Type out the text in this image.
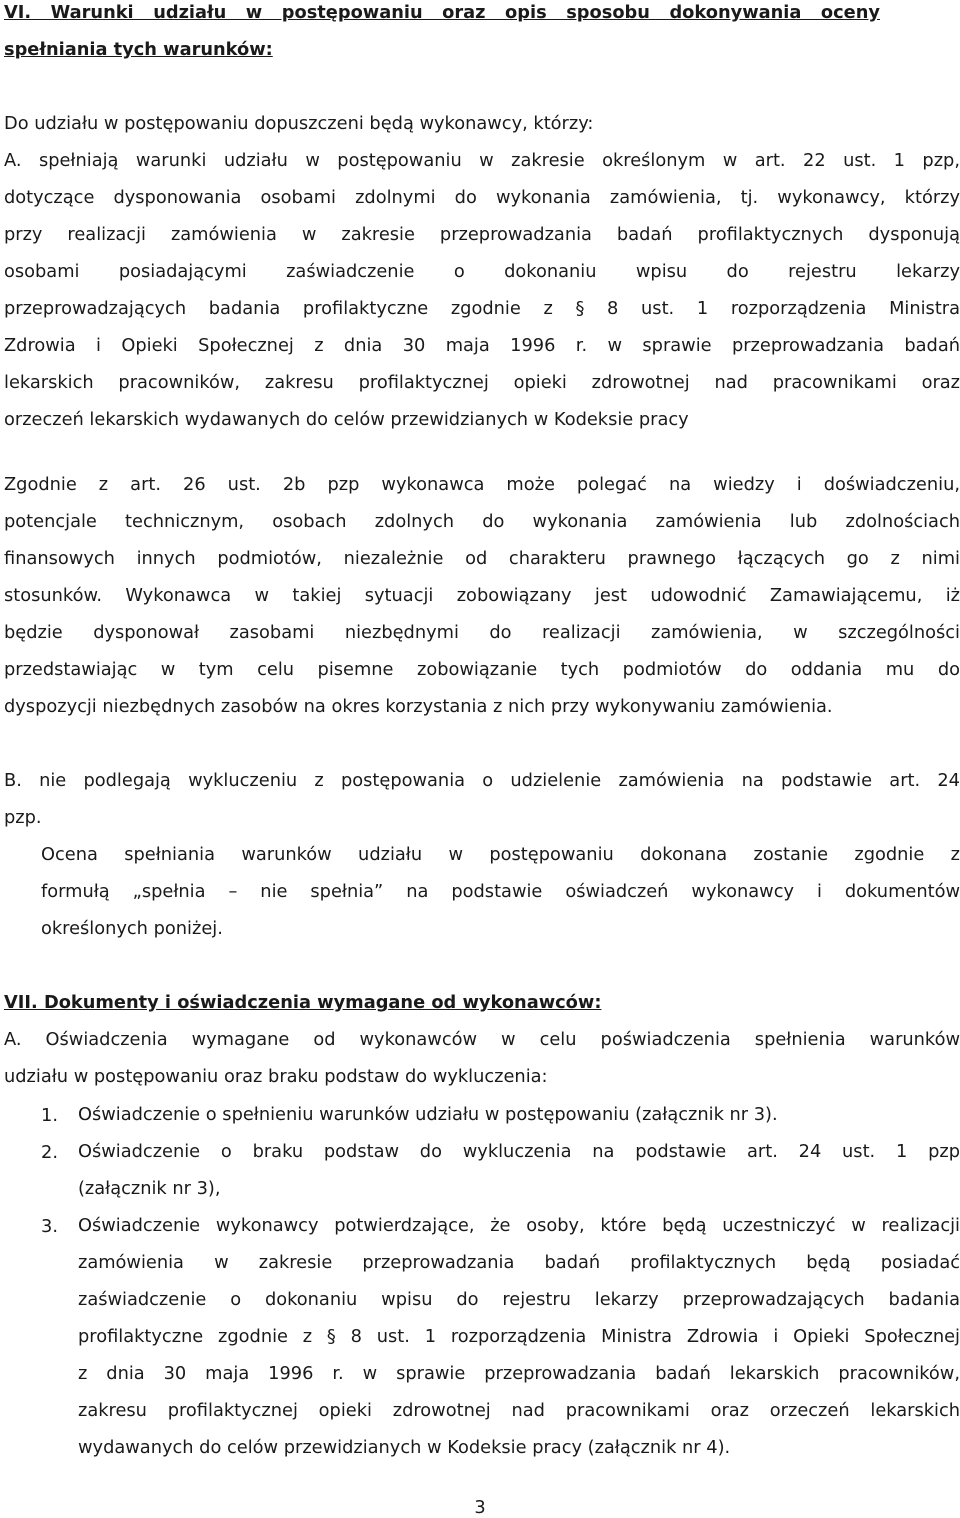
VI. Warunki udziału w postępowaniu oraz opis sposobu dokonywania oceny
spełniania tych warunków:
Do udziału w postępowaniu dopuszczeni będą wykonawcy, którzy:
A. spełniają warunki udziału w postępowaniu w zakresie określonym w art. 22 ust. 1 pzp,
dotyczące dysponowania osobami zdolnymi do wykonania zamówienia, tj. wykonawcy, którzy
przy realizacji zamówienia w zakresie przeprowadzania badań profilaktycznych dysponują
osobami posiadającymi zaświadczenie o dokonaniu wpisu do rejestru lekarzy
przeprowadzających badania profilaktyczne zgodnie z § 8 ust. 1 rozporządzenia Ministra
Zdrowia i Opieki Społecznej z dnia 30 maja 1996 r. w sprawie przeprowadzania badań
lekarskich pracowników, zakresu profilaktycznej opieki zdrowotnej nad pracownikami oraz
orzeczeń lekarskich wydawanych do celów przewidzianych w Kodeksie pracy
Zgodnie z art. 26 ust. 2b pzp wykonawca może polegać na wiedzy i doświadczeniu,
potencjale technicznym, osobach zdolnych do wykonania zamówienia lub zdolnościach
finansowych innych podmiotów, niezależnie od charakteru prawnego łączących go z nimi
stosunków. Wykonawca w takiej sytuacji zobowiązany jest udowodnić Zamawiającemu, iż
będzie dysponował zasobami niezbędnymi do realizacji zamówienia, w szczególności
przedstawiając w tym celu pisemne zobowiązanie tych podmiotów do oddania mu do
dyspozycji niezbędnych zasobów na okres korzystania z nich przy wykonywaniu zamówienia.
B. nie podlegają wykluczeniu z postępowania o udzielenie zamówienia na podstawie art. 24
pzp.
Ocena spełniania warunków udziału w postępowaniu dokonana zostanie zgodnie z
formułą „spełnia – nie spełnia” na podstawie oświadczeń wykonawcy i dokumentów
określonych poniżej.
VII. Dokumenty i oświadczenia wymagane od wykonawców:
A. Oświadczenia wymagane od wykonawców w celu poświadczenia spełnienia warunków
udziału w postępowaniu oraz braku podstaw do wykluczenia:
1. Oświadczenie o spełnieniu warunków udziału w postępowaniu (załącznik nr 3).
2. Oświadczenie o braku podstaw do wykluczenia na podstawie art. 24 ust. 1 pzp
(załącznik nr 3),
3. Oświadczenie wykonawcy potwierdzające, że osoby, które będą uczestniczyć w realizacji
zamówienia w zakresie przeprowadzania badań profilaktycznych będą posiadać
zaświadczenie o dokonaniu wpisu do rejestru lekarzy przeprowadzających badania
profilaktyczne zgodnie z § 8 ust. 1 rozporządzenia Ministra Zdrowia i Opieki Społecznej
z dnia 30 maja 1996 r. w sprawie przeprowadzania badań lekarskich pracowników,
zakresu profilaktycznej opieki zdrowotnej nad pracownikami oraz orzeczeń lekarskich
wydawanych do celów przewidzianych w Kodeksie pracy (załącznik nr 4).
3
